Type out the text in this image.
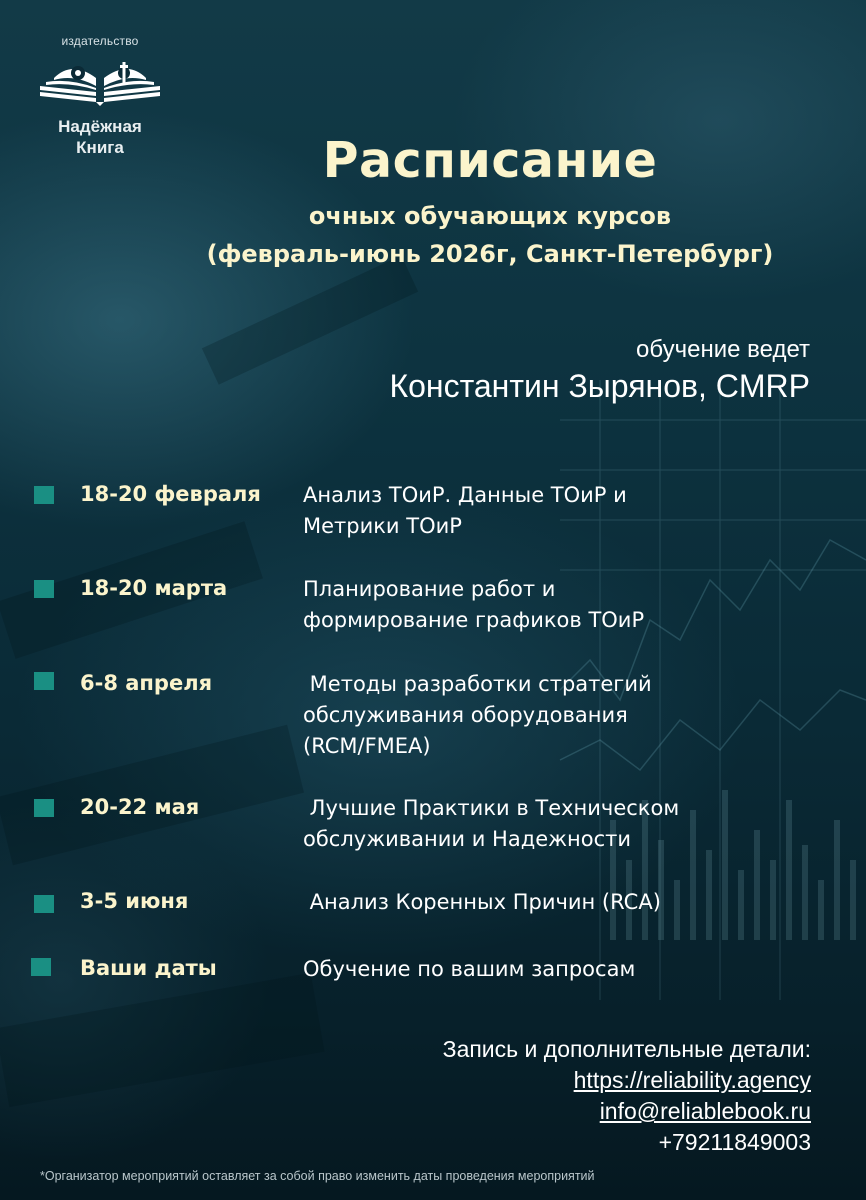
издательство
Надёжная
Книга	Расписание
очных обучающих курсов
(февраль-июнь 2026г, Санкт-Петербург)
обучение ведет
Константин Зырянов, CMRP
18-20 февраля Анализ ТОиР. Данные ТОиР и
Метрики ТОиР
18-20 марта	Планирование работ и
формирование графиков ТОиР
6-8 апреля	Методы разработки стратегий
обслуживания оборудования
(RCM/FMEA)
20-22 мая	Лучшие Практики в Техническом
обслуживании и Надежности
3-5 июня	Анализ Коренных Причин (RCA)
Ваши даты	Обучение по вашим запросам
Запись и дополнительные детали:
https://reliability.agency
info@reliablebook.ru
+79211849003
*Организатор мероприятий оставляет за собой право изменить даты проведения мероприятий
